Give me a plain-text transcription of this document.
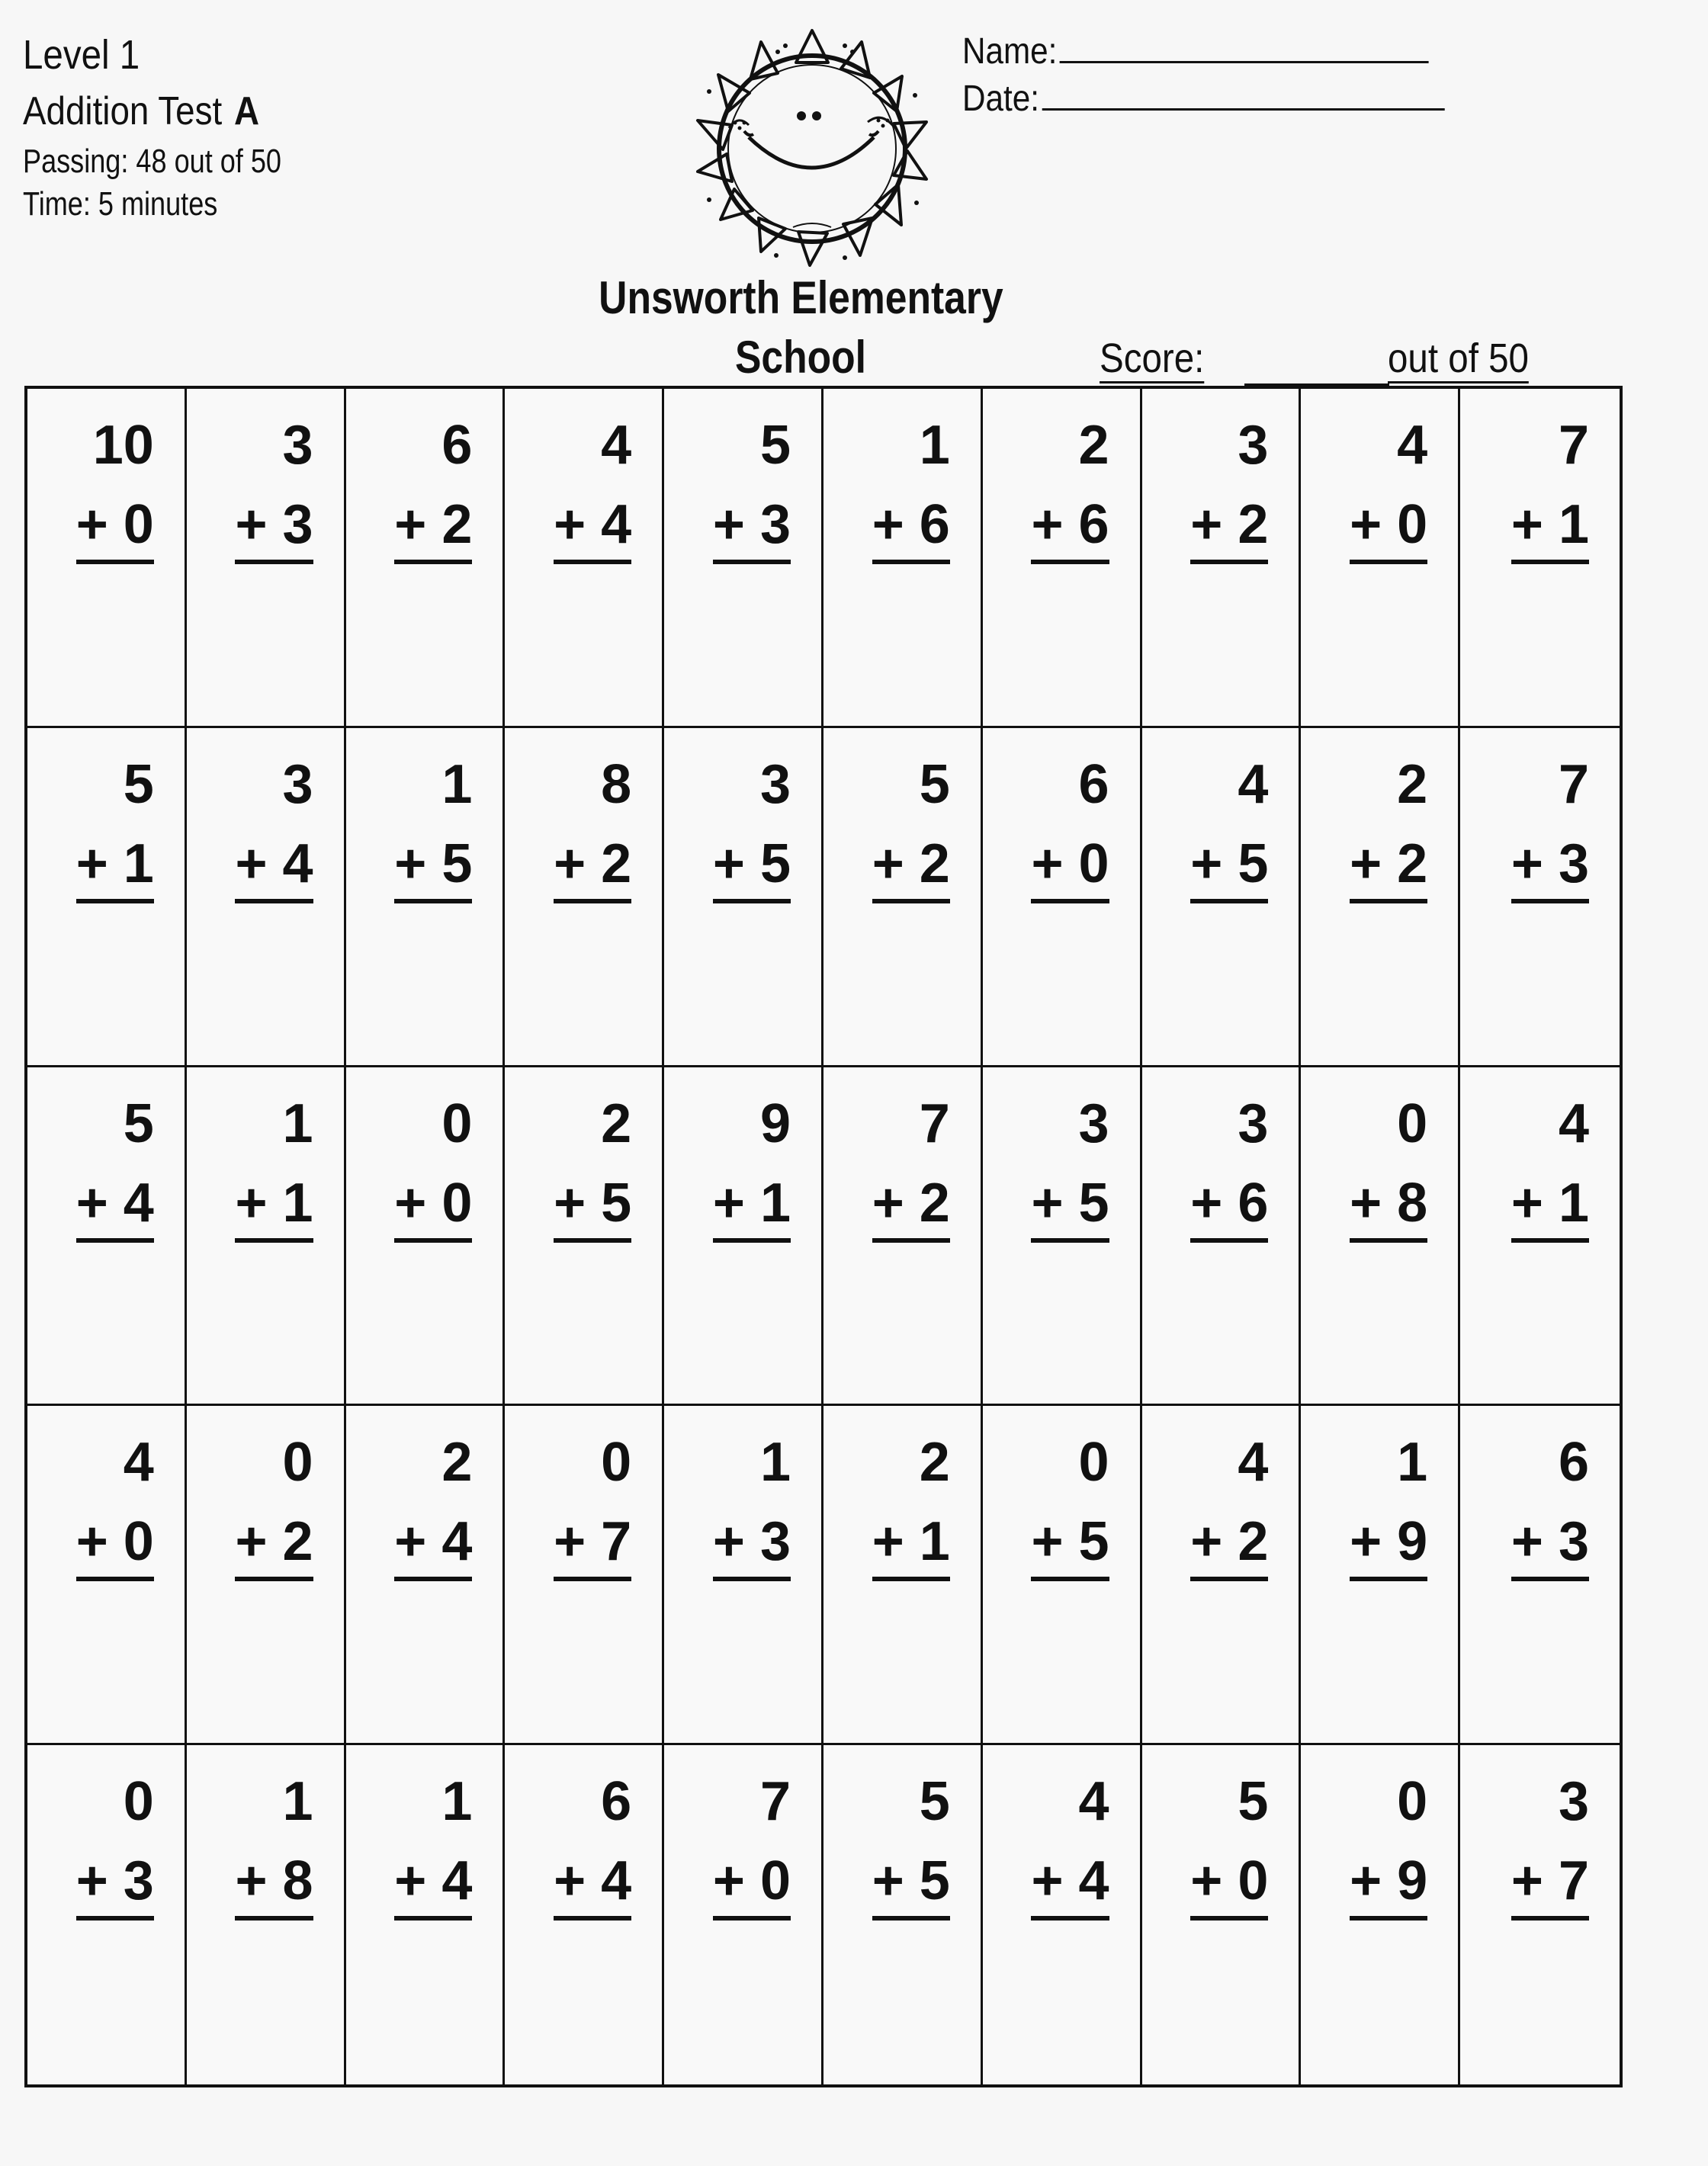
Level 1
Addition Test A
Passing: 48 out of 50
Time: 5 minutes
Name:
Date:
Unsworth Elementary
School	Score:	out of 50
10
+ 0
3
+ 3
6
+ 2
4
+ 4
5
+ 3
1
+ 6
2
+ 6
3
+ 2
4
+ 0
7
+ 1
5
+ 1
3
+ 4
1
+ 5
8
+ 2
3
+ 5
5
+ 2
6
+ 0
4
+ 5
2
+ 2
7
+ 3
5
+ 4
1
+ 1
0
+ 0
2
+ 5
9
+ 1
7
+ 2
3
+ 5
3
+ 6
0
+ 8
4
+ 1
4
+ 0
0
+ 2
2
+ 4
0
+ 7
1
+ 3
2
+ 1
0
+ 5
4
+ 2
1
+ 9
6
+ 3
0
+ 3
1
+ 8
1
+ 4
6
+ 4
7
+ 0
5
+ 5
4
+ 4
5
+ 0
0
+ 9
3
+ 7
